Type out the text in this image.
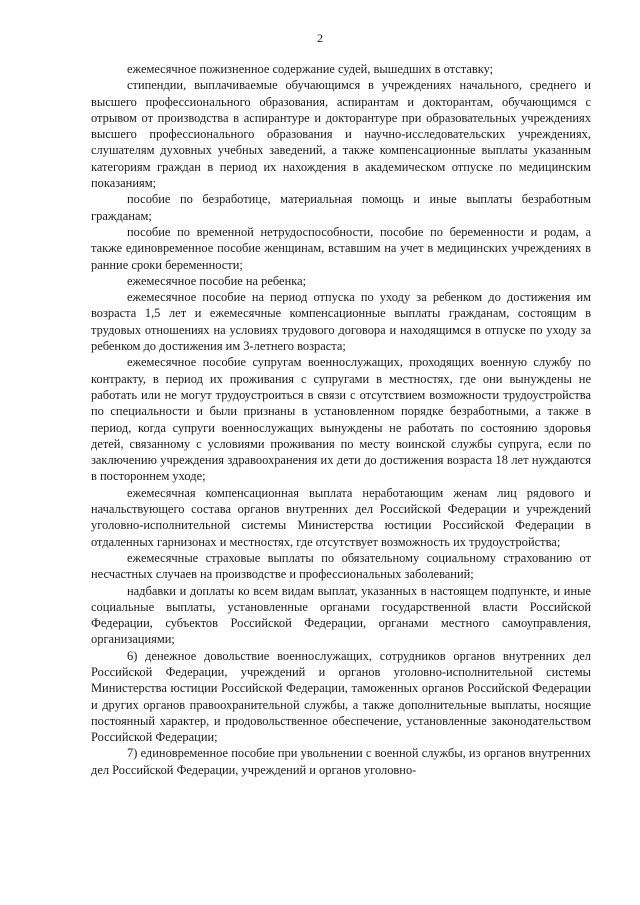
2

ежемесячное пожизненное содержание судей, вышедших в отставку;

стипендии, выплачиваемые обучающимся в учреждениях начального, среднего и высшего профессионального образования, аспирантам и докторантам, обучающимся с отрывом от производства в аспирантуре и докторантуре при образовательных учреждениях высшего профессионального образования и научно-исследовательских учреждениях, слушателям духовных учебных заведений, а также компенсационные выплаты указанным категориям граждан в период их нахождения в академическом отпуске по медицинским показаниям;

пособие по безработице, материальная помощь и иные выплаты безработным гражданам;

пособие по временной нетрудоспособности, пособие по беременности и родам, а также единовременное пособие женщинам, вставшим на учет в медицинских учреждениях в ранние сроки беременности;

ежемесячное пособие на ребенка;

ежемесячное пособие на период отпуска по уходу за ребенком до достижения им возраста 1,5 лет и ежемесячные компенсационные выплаты гражданам, состоящим в трудовых отношениях на условиях трудового договора и находящимся в отпуске по уходу за ребенком до достижения им 3-летнего возраста;

ежемесячное пособие супругам военнослужащих, проходящих военную службу по контракту, в период их проживания с супругами в местностях, где они вынуждены не работать или не могут трудоустроиться в связи с отсутствием возможности трудоустройства по специальности и были признаны в установленном порядке безработными, а также в период, когда супруги военнослужащих вынуждены не работать по состоянию здоровья детей, связанному с условиями проживания по месту воинской службы супруга, если по заключению учреждения здравоохранения их дети до достижения возраста 18 лет нуждаются в постороннем уходе;

ежемесячная компенсационная выплата неработающим женам лиц рядового и начальствующего состава органов внутренних дел Российской Федерации и учреждений уголовно-исполнительной системы Министерства юстиции Российской Федерации в отдаленных гарнизонах и местностях, где отсутствует возможность их трудоустройства;

ежемесячные страховые выплаты по обязательному социальному страхованию от несчастных случаев на производстве и профессиональных заболеваний;

надбавки и доплаты ко всем видам выплат, указанных в настоящем подпункте, и иные социальные выплаты, установленные органами государственной власти Российской Федерации, субъектов Российской Федерации, органами местного самоуправления, организациями;

6) денежное довольствие военнослужащих, сотрудников органов внутренних дел Российской Федерации, учреждений и органов уголовно-исполнительной системы Министерства юстиции Российской Федерации, таможенных органов Российской Федерации и других органов правоохранительной службы, а также дополнительные выплаты, носящие постоянный характер, и продовольственное обеспечение, установленные законодательством Российской Федерации;

7) единовременное пособие при увольнении с военной службы, из органов внутренних дел Российской Федерации, учреждений и органов уголовно-
